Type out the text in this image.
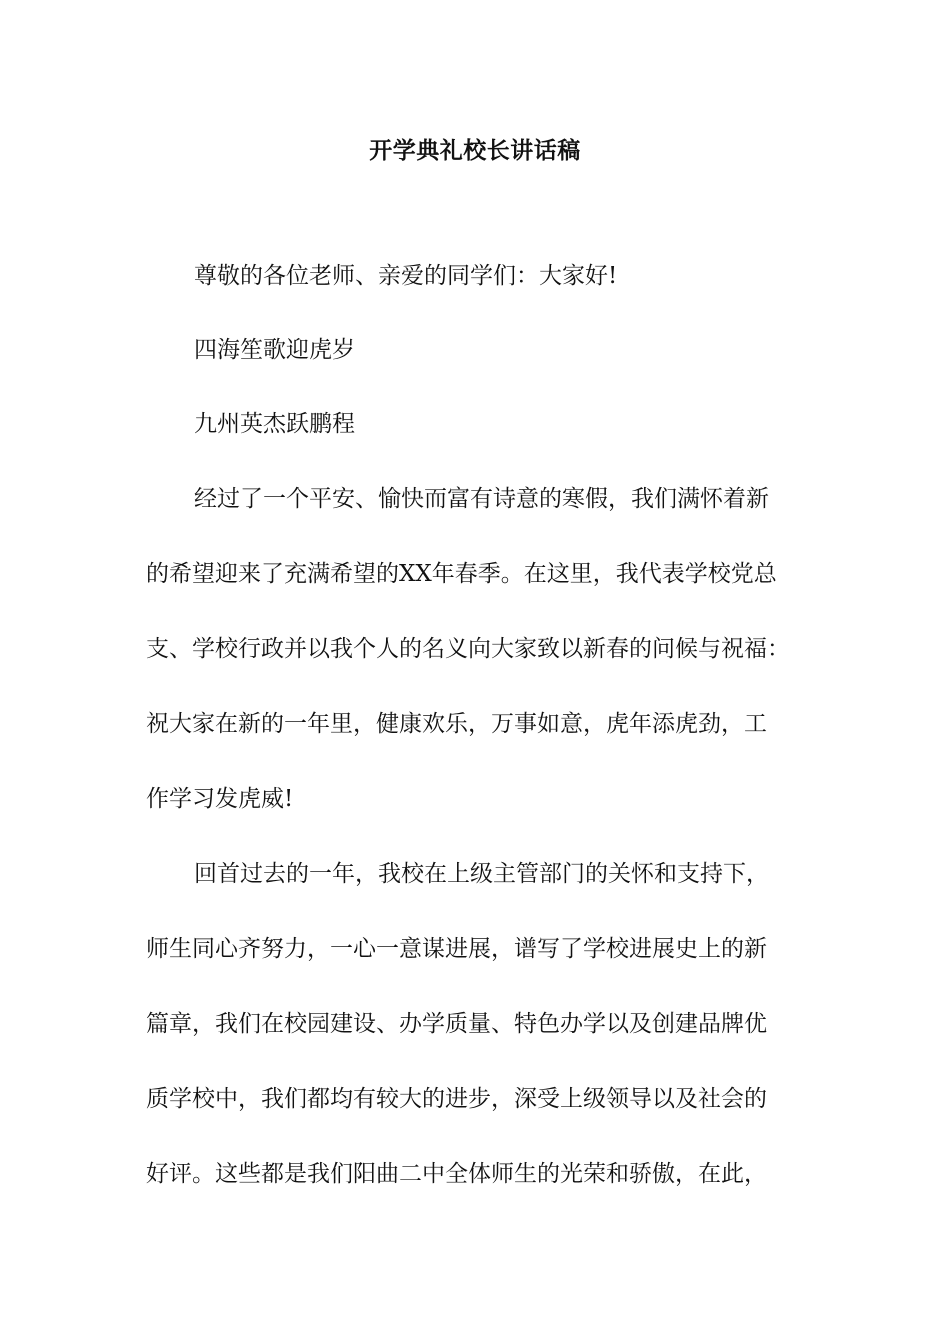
开学典礼校长讲话稿
尊敬的各位老师、亲爱的同学们：大家好!
四海笙歌迎虎岁
九州英杰跃鹏程
经过了一个平安、愉快而富有诗意的寒假，我们满怀着新
的希望迎来了充满希望的XX年春季。在这里，我代表学校党总
支、学校行政并以我个人的名义向大家致以新春的问候与祝福：
祝大家在新的一年里，健康欢乐，万事如意，虎年添虎劲，工
作学习发虎威!
回首过去的一年，我校在上级主管部门的关怀和支持下，
师生同心齐努力，一心一意谋进展，谱写了学校进展史上的新
篇章，我们在校园建设、办学质量、特色办学以及创建品牌优
质学校中，我们都均有较大的进步，深受上级领导以及社会的
好评。这些都是我们阳曲二中全体师生的光荣和骄傲，在此，
